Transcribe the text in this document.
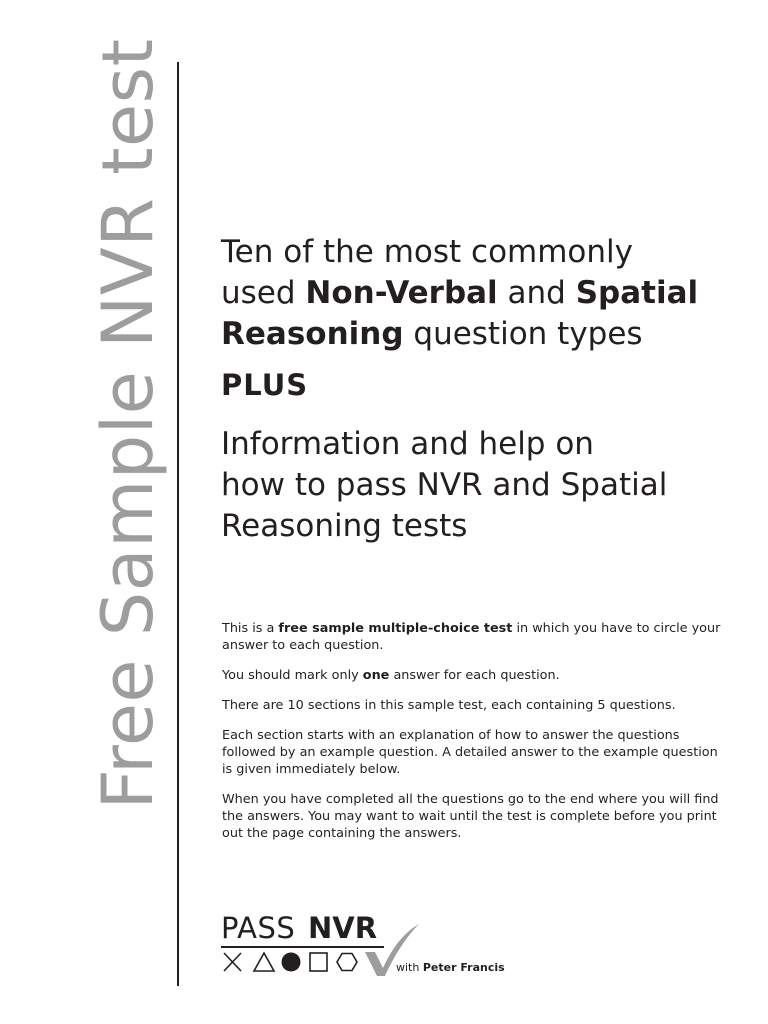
Free Sample NVR test Ten of the most commonly
used Non-Verbal and Spatial
Reasoning question types
PLUS
Information and help on
how to pass NVR and Spatial
Reasoning tests

This is a free sample multiple-choice test in which you have to circle your answer to each question.

You should mark only one answer for each question.

There are 10 sections in this sample test, each containing 5 questions.

Each section starts with an explanation of how to answer the questions followed by an example question. A detailed answer to the example question is given immediately below.

When you have completed all the questions go to the end where you will find the answers. You may want to wait until the test is complete before you print out the page containing the answers.

PASS NVR
with Peter Francis
